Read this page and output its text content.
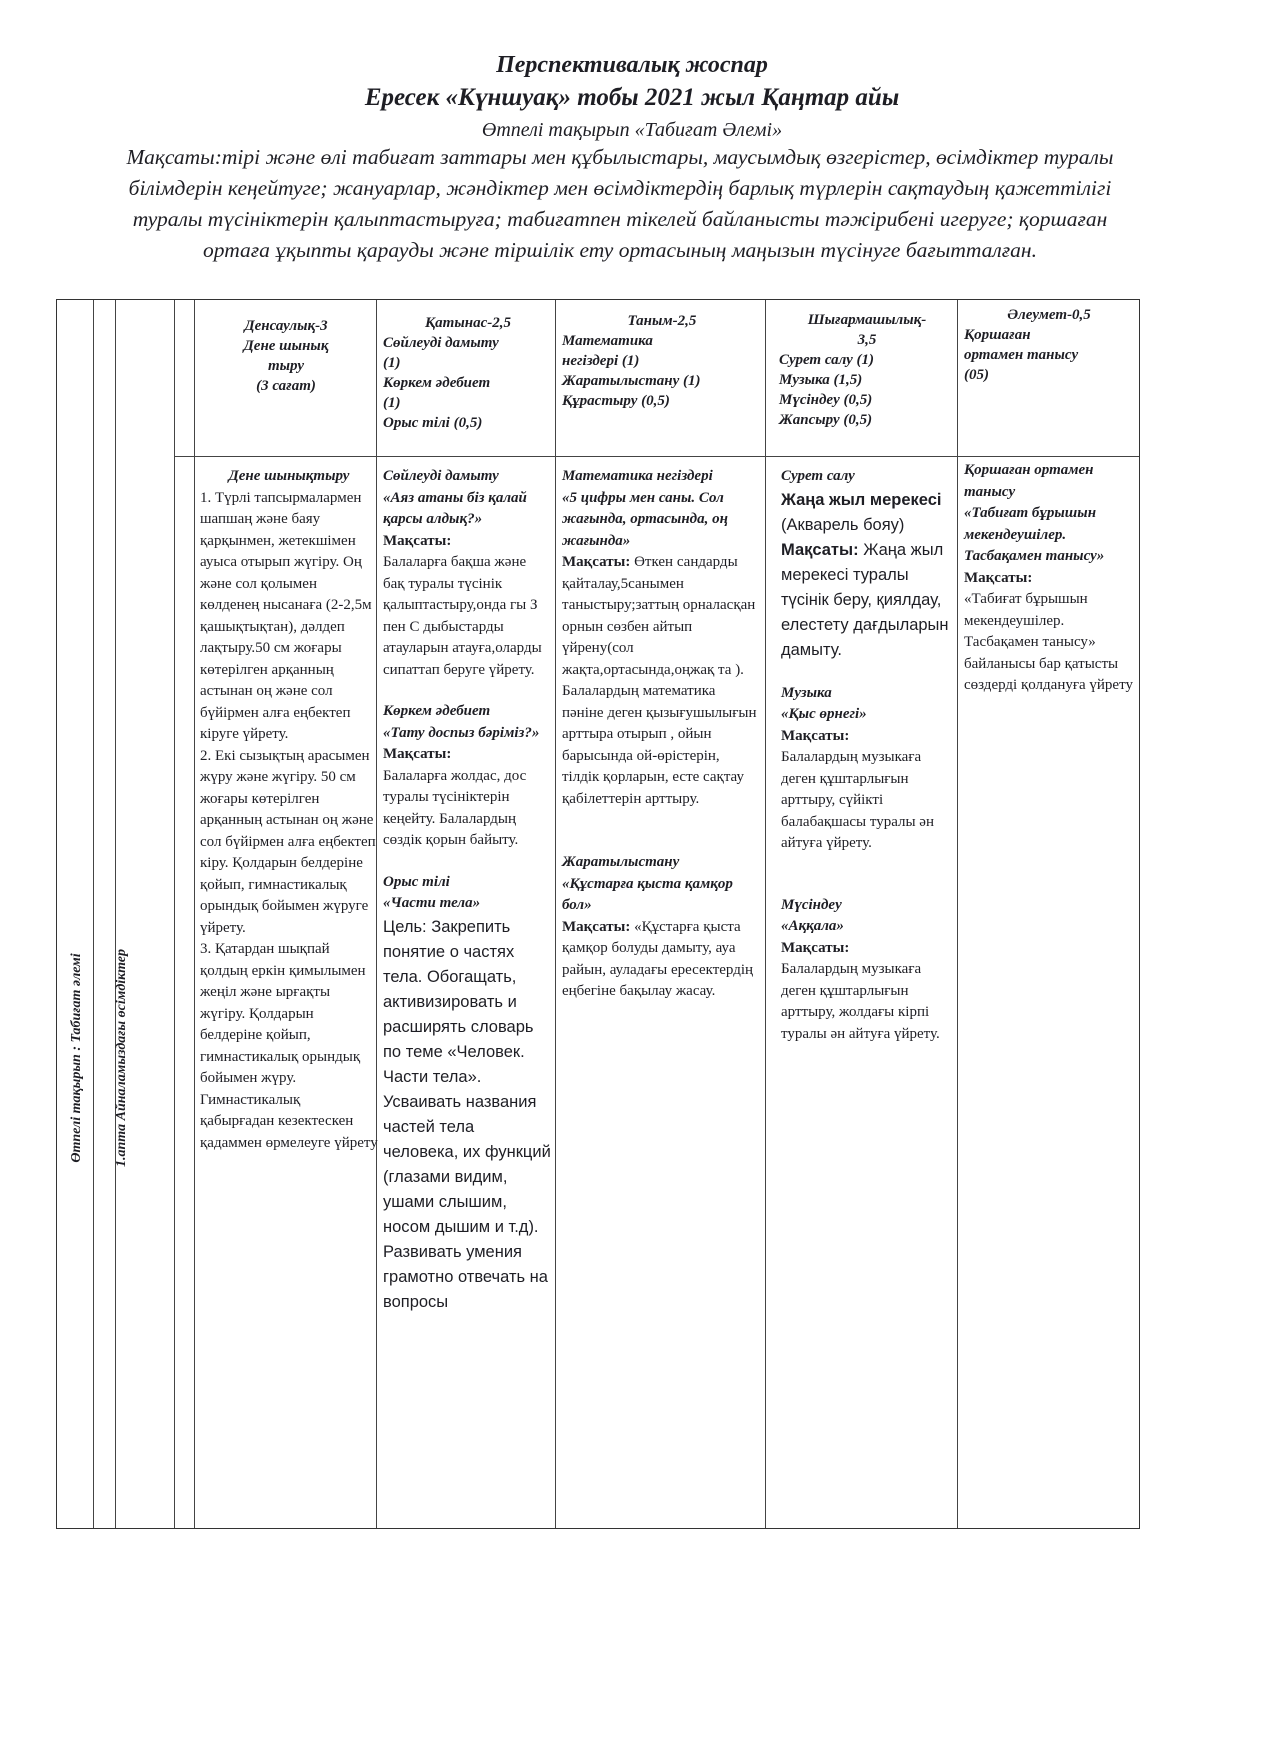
Перспективалық жоспар
Ересек «Күншуақ» тобы 2021 жыл Қаңтар айы
Өтпелі тақырып «Табиғат Әлемі»
Мақсаты:тірі және өлі табиғат заттары мен құбылыстары, маусымдық өзгерістер, өсімдіктер туралы білімдерін кеңейтуге; жануарлар, жәндіктер мен өсімдіктердің барлық түрлерін сақтаудың қажеттілігі туралы түсініктерін қалыптастыруға; табиғатпен тікелей байланысты тәжірибені игеруге; қоршаған ортаға ұқыпты қарауды және тіршілік ету ортасының маңызын түсінуге бағытталған.
Өтпелі тақырып : Табиғат әлемі 1.апта Айналамыздағы өсімдіктер
Денсаулық-3
Дене шынық
тыру
(3 сағат)
Қатынас-2,5
Сөйлеуді дамыту
(1)
Көркем әдебиет
(1)
Орыс тілі (0,5)
Таным-2,5
Математика
негіздері (1)
Жаратылыстану (1)
Құрастыру (0,5)
Шығармашылық-
3,5
Сурет салу (1)
Музыка (1,5)
Мүсіндеу (0,5)
Жапсыру (0,5)
Әлеумет-0,5
Қоршаған
ортамен танысу
(05)
Дене шынықтыру
1. Түрлі тапсырмалармен шапшаң және баяу қарқынмен, жетекшімен ауыса отырып жүгіру. Оң және сол қолымен көлденең нысанаға (2-2,5м қашықтықтан), дәлдеп лақтыру.50 см жоғары көтерілген арқанның астынан оң және сол бүйірмен алға еңбектеп кіруге үйрету.
2. Екі сызықтың арасымен жүру және жүгіру. 50 см жоғары көтерілген арқанның астынан оң және сол бүйірмен алға еңбектеп кіру. Қолдарын белдеріне қойып, гимнастикалық орындық бойымен жүруге үйрету.
3. Қатардан шықпай қолдың еркін қимылымен жеңіл және ырғақты жүгіру. Қолдарын белдеріне қойып, гимнастикалық орындық бойымен жүру. Гимнастикалық қабырғадан кезектескен қадаммен өрмелеуге үйрету
Сөйлеуді дамыту
«Аяз атаны біз қалай қарсы алдық?»
Мақсаты:
Балаларға бақша және бақ туралы түсінік қалыптастыру,онда гы З пен С дыбыстарды атауларын атауға,оларды сипаттап беруге үйрету.
Көркем әдебиет
«Тату доспыз бәріміз?»
Мақсаты:
Балаларға жолдас, дос туралы түсініктерін кеңейту. Балалардың сөздік қорын байыту.
Орыс тілі
«Части тела»
Цель: Закрепить понятие о частях тела. Обогащать, активизировать и расширять словарь по теме «Человек. Части тела». Усваивать названия частей тела человека, их функций (глазами видим, ушами слышим, носом дышим и т.д). Развивать умения грамотно отвечать на вопросы
Математика негіздері
«5 цифры мен саны. Сол жағында, ортасында, оң жағында»
Мақсаты: Өткен сандарды қайталау,5санымен таныстыру;заттың орналасқан орнын сөзбен айтып үйрену(сол жақта,ортасында,оңжақ та ). Балалардың математика пәніне деген қызығушылығын арттыра отырып , ойын барысында ой-өрістерін, тілдік қорларын, есте сақтау қабілеттерін арттыру.
Жаратылыстану
«Құстарға қыста қамқор бол»
Мақсаты: «Құстарға қыста қамқор болуды дамыту, ауа райын, ауладағы ересектердің еңбегіне бақылау жасау.
Сурет салу
Жаңа жыл мерекесі
(Акварель бояу)
Мақсаты: Жаңа жыл мерекесі туралы түсінік беру, қиялдау, елестету дағдыларын дамыту.
Музыка
«Қыс өрнегі»
Мақсаты:
Балалардың музыкаға деген құштарлығын арттыру, сүйікті балабақшасы туралы ән айтуға үйрету.
Мүсіндеу
«Аққала»
Мақсаты:
Балалардың музыкаға деген құштарлығын арттыру, жолдағы кірпі туралы ән айтуға үйрету.
Қоршаған ортамен танысу
«Табиғат бұрышын мекендеушілер. Тасбақамен танысу»
Мақсаты:
«Табиғат бұрышын мекендеушілер. Тасбақамен танысу» байланысы бар қатысты сөздерді қолдануға үйрету
